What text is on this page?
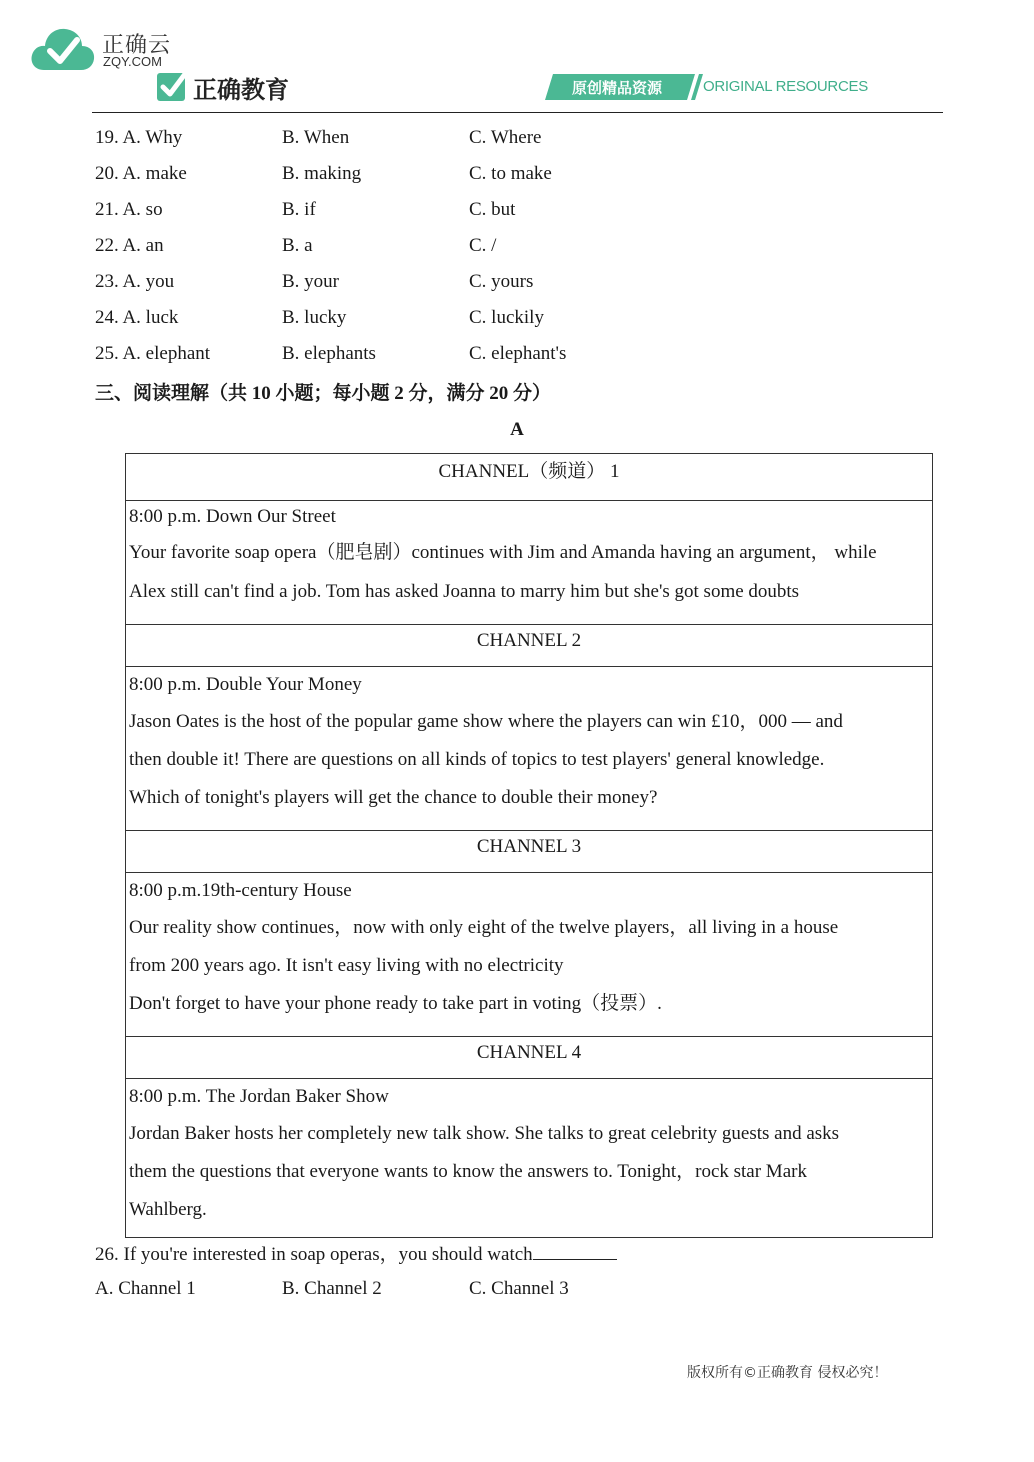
正确云
ZQY.COM
正确教育	原创精品资源	ORIGINAL RESOURCES
19. A. Why	B. When	C. Where
20. A. make	B. making	C. to make
21. A. so	B. if	C. but
22. A. an	B. a	C. /
23. A. you	B. your	C. yours
24. A. luck	B. lucky	C. luckily
25. A. elephant	B. elephants	C. elephant's
三、阅读理解（共 10 小题；每小题 2 分，满分 20 分）
A
CHANNEL（频道） 1

8:00 p.m. Down Our Street

Your favorite soap opera（肥皂剧）continues with Jim and Amanda having an argument， while

Alex still can't find a job. Tom has asked Joanna to marry him but she's got some doubts

CHANNEL 2

8:00 p.m. Double Your Money

Jason Oates is the host of the popular game show where the players can win £10，000 — and

then double it! There are questions on all kinds of topics to test players' general knowledge.

Which of tonight's players will get the chance to double their money?

CHANNEL 3

8:00 p.m.19th-century House

Our reality show continues，now with only eight of the twelve players，all living in a house

from 200 years ago. It isn't easy living with no electricity

Don't forget to have your phone ready to take part in voting（投票）.

CHANNEL 4

8:00 p.m. The Jordan Baker Show

Jordan Baker hosts her completely new talk show. She talks to great celebrity guests and asks

them the questions that everyone wants to know the answers to. Tonight，rock star Mark

Wahlberg.

26. If you're interested in soap operas，you should watch
A. Channel 1	B. Channel 2	C. Channel 3
版权所有©正确教育 侵权必究！
